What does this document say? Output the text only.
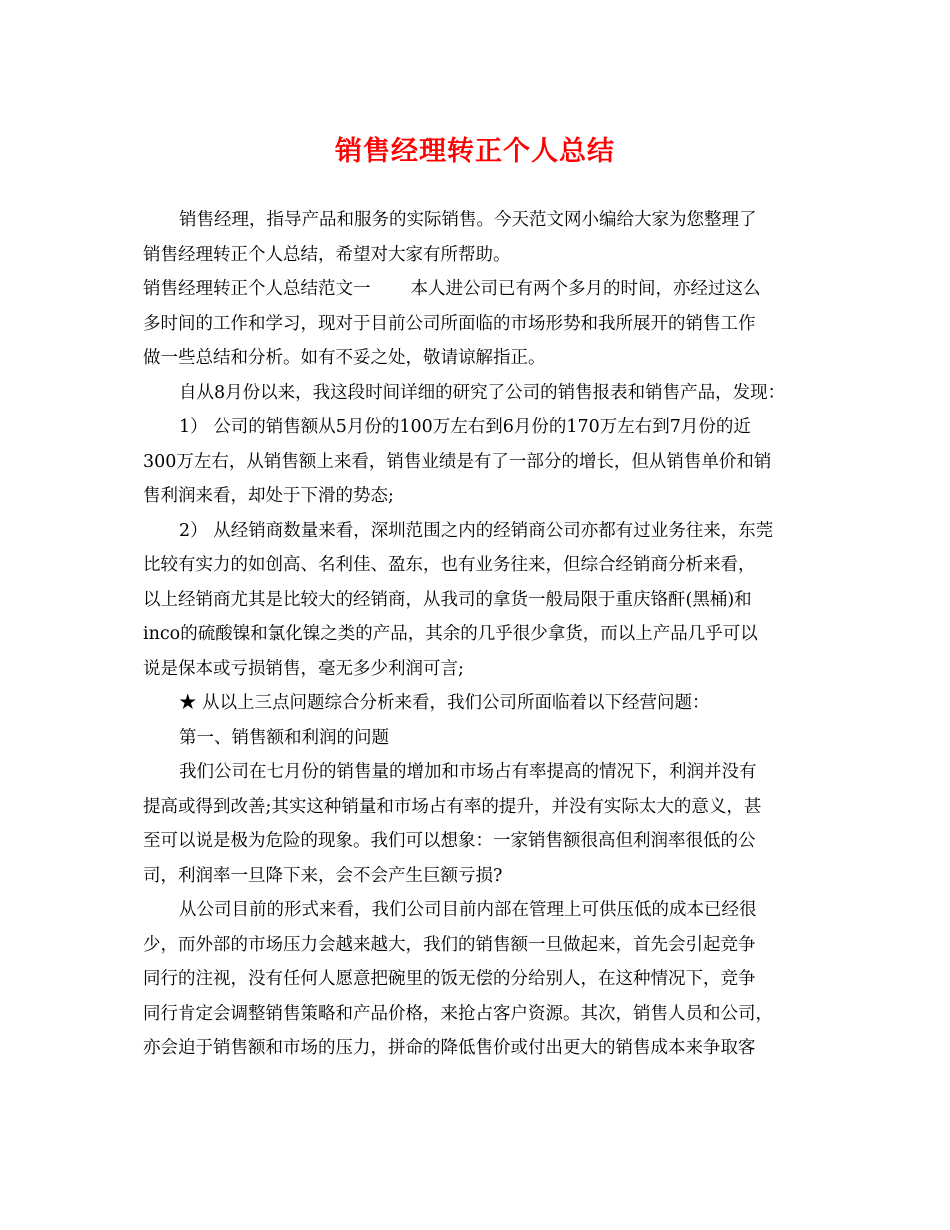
销售经理转正个人总结
销售经理，指导产品和服务的实际销售。今天范文网小编给大家为您整理了
销售经理转正个人总结，希望对大家有所帮助。
销售经理转正个人总结范文一 本人进公司已有两个多月的时间，亦经过这么
多时间的工作和学习，现对于目前公司所面临的市场形势和我所展开的销售工作
做一些总结和分析。如有不妥之处，敬请谅解指正。
自从8月份以来，我这段时间详细的研究了公司的销售报表和销售产品，发现：
1） 公司的销售额从5月份的100万左右到6月份的170万左右到7月份的近
300万左右，从销售额上来看，销售业绩是有了一部分的增长，但从销售单价和销
售利润来看，却处于下滑的势态;
2） 从经销商数量来看，深圳范围之内的经销商公司亦都有过业务往来，东莞
比较有实力的如创高、名利佳、盈东，也有业务往来，但综合经销商分析来看，
以上经销商尤其是比较大的经销商，从我司的拿货一般局限于重庆铬酐(黑桶)和
inco的硫酸镍和氯化镍之类的产品，其余的几乎很少拿货，而以上产品几乎可以
说是保本或亏损销售，毫无多少利润可言;
★ 从以上三点问题综合分析来看，我们公司所面临着以下经营问题：
第一、销售额和利润的问题
我们公司在七月份的销售量的增加和市场占有率提高的情况下，利润并没有
提高或得到改善;其实这种销量和市场占有率的提升，并没有实际太大的意义，甚
至可以说是极为危险的现象。我们可以想象：一家销售额很高但利润率很低的公
司，利润率一旦降下来，会不会产生巨额亏损?
从公司目前的形式来看，我们公司目前内部在管理上可供压低的成本已经很
少，而外部的市场压力会越来越大，我们的销售额一旦做起来，首先会引起竞争
同行的注视，没有任何人愿意把碗里的饭无偿的分给别人，在这种情况下，竞争
同行肯定会调整销售策略和产品价格，来抢占客户资源。其次，销售人员和公司，
亦会迫于销售额和市场的压力，拼命的降低售价或付出更大的销售成本来争取客
